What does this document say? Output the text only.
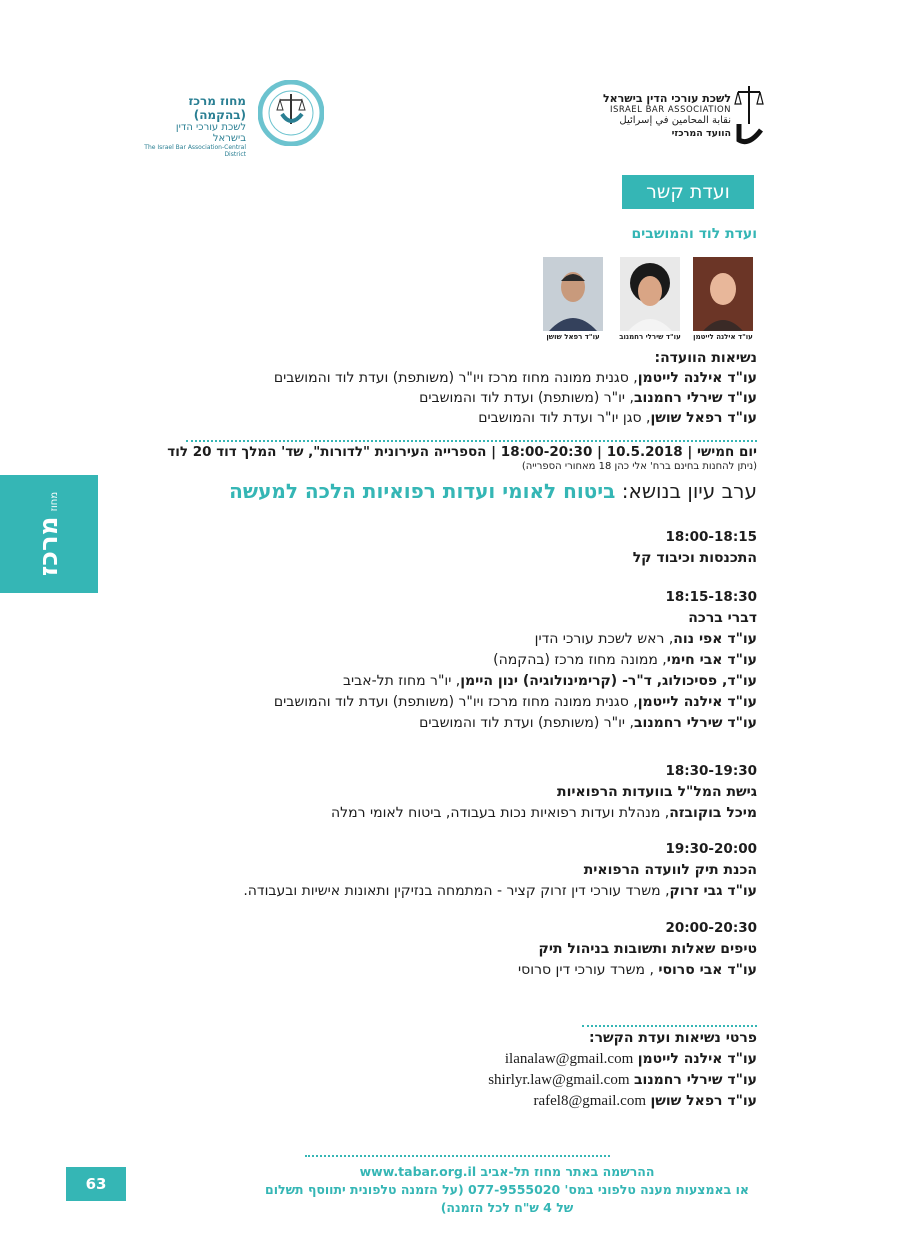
מחוז מרכז (בהקמה)
לשכת עורכי הדין בישראל
The Israel Bar Association-Central District
לשכת עורכי הדין בישראל
ISRAEL BAR ASSOCIATION
نقابة المحامين في إسرائيل
הוועד המרכזי
ועדת קשר
ועדת לוד והמושבים
עו"ד אילנה לייטמן
עו"ד שירלי רחמנוב
עו"ד רפאל שושן
נשיאות הוועדה:
עו"ד אילנה לייטמן, סגנית ממונה מחוז מרכז ויו"ר (משותפת) ועדת לוד והמושבים
עו"ד שירלי רחמנוב, יו"ר (משותפת) ועדת לוד והמושבים
עו"ד רפאל שושן, סגן יו"ר ועדת לוד והמושבים
יום חמישי | 10.5.2018 | 18:00-20:30 | הספרייה העירונית "לדורות", שד' המלך דוד 20 לוד
(ניתן להחנות בחינם ברח' אלי כהן 18 מאחורי הספרייה)
ערב עיון בנושא: ביטוח לאומי ועדות רפואיות הלכה למעשה
18:00-18:15
התכנסות וכיבוד קל
18:15-18:30
דברי ברכה
עו"ד אפי נוה, ראש לשכת עורכי הדין
עו"ד אבי חימי, ממונה מחוז מרכז (בהקמה)
עו"ד, פסיכולוג, ד"ר- (קרימינולוגיה) ינון היימן, יו"ר מחוז תל-אביב
עו"ד אילנה לייטמן, סגנית ממונה מחוז מרכז ויו"ר (משותפת) ועדת לוד והמושבים
עו"ד שירלי רחמנוב, יו"ר (משותפת) ועדת לוד והמושבים
18:30-19:30
גישת המל"ל בוועדות הרפואיות
מיכל בוקובזה, מנהלת ועדות רפואיות נכות בעבודה, ביטוח לאומי רמלה
19:30-20:00
הכנת תיק לוועדה הרפואית
עו"ד גבי זרוק, משרד עורכי דין זרוק קציר - המתמחה בנזיקין ותאונות אישיות ובעבודה.
20:00-20:30
טיפים שאלות ותשובות בניהול תיק
עו"ד אבי סרוסי , משרד עורכי דין סרוסי
פרטי נשיאות ועדת הקשר:
עו"ד אילנה לייטמן ilanalaw@gmail.com
עו"ד שירלי רחמנוב shirlyr.law@gmail.com
עו"ד רפאל שושן rafel8@gmail.com
ההרשמה באתר מחוז תל-אביב www.tabar.org.il
או באמצעות מענה טלפוני במס' 077-9555020 (על הזמנה טלפונית יתווסף תשלום של 4 ש"ח לכל הזמנה)
מחוז מרכז
63
